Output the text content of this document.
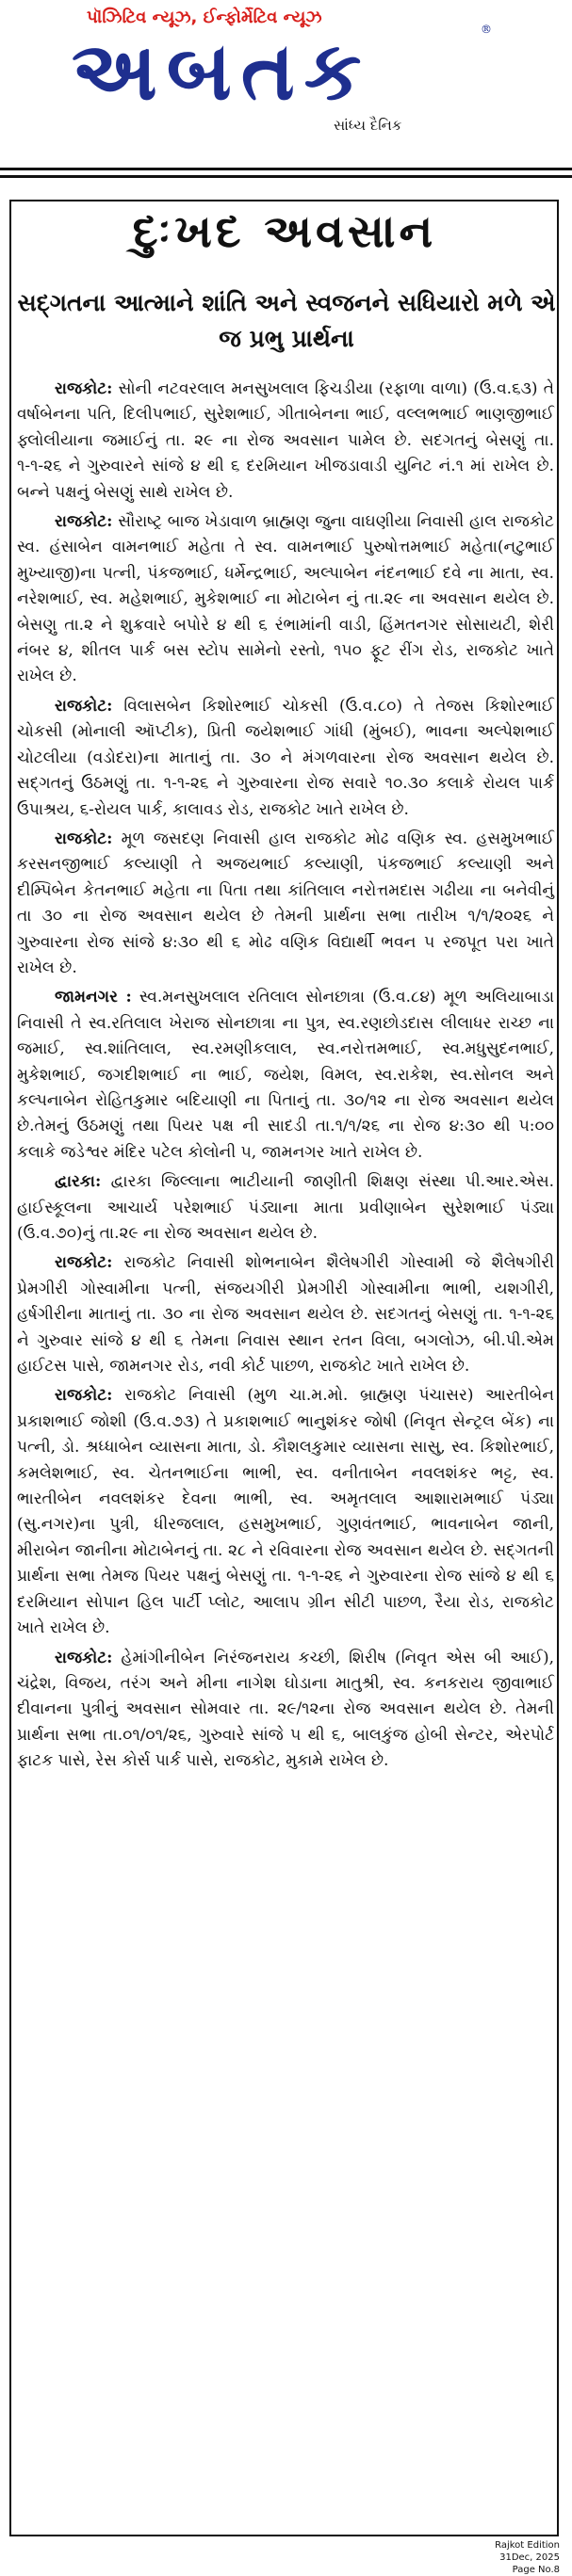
પૉઝિટિવ ન્યૂઝ, ઈન્ફોર્મેટિવ ન્યૂઝ
અબતક	®
સાંધ્ય દૈનિક
દુઃખદ અવસાન
સદ્‌ગતના આત્માને શાંતિ અને સ્વજનને સધિયારો મળે એ જ પ્રભુ પ્રાર્થના

રાજકોટ: સોની નટવરલાલ મનસુખલાલ ફિચડીયા (રફાળા વાળા) (ઉ.વ.૬૩) તે વર્ષાબેનના પતિ, દિલીપભાઈ, સુરેશભાઈ, ગીતાબેનના ભાઈ, વલ્લભભાઈ ભાણજીભાઈ ફ્લોલીયાના જમાઈનું તા. ૨૯ ના રોજ અવસાન પામેલ છે. સદગતનું બેસણું તા. ૧-૧-૨૬ ને ગુરુવારને સાંજે ૪ થી ૬ દરમિયાન ખીજડાવાડી યુનિટ નં.૧ માં રાખેલ છે. બન્ને પક્ષનું બેસણું સાથે રાખેલ છે.

રાજકોટ: સૌરાષ્ટ્ર બાજ ખેડાવાળ બ્રાહ્મણ જુના વાઘણીયા નિવાસી હાલ રાજકોટ સ્વ. હંસાબેન વામનભાઈ મહેતા તે સ્વ. વામનભાઈ પુરુષોત્તમભાઈ મહેતા(નટુભાઈ મુખ્યાજી)ના પત્ની, પંકજભાઈ, ધર્મેન્દ્રભાઈ, અલ્પાબેન નંદનભાઈ દવે ના માતા, સ્વ. નરેશભાઈ, સ્વ. મહેશભાઈ, મુકેશભાઈ ના મોટાબેન નું તા.૨૯ ના અવસાન થયેલ છે. બેસણુ તા.૨ ને શુક્રવારે બપોરે ૪ થી ૬ રંભામાંની વાડી, હિંમતનગર સોસાયટી, શેરી નંબર ૪, શીતલ પાર્ક બસ સ્ટોપ સામેનો રસ્તો, ૧૫૦ ફૂટ રીંગ રોડ, રાજકોટ ખાતે રાખેલ છે.

રાજકોટ: વિલાસબેન કિશોરભાઈ ચોકસી (ઉ.વ.૮૦) તે તેજસ કિશોરભાઈ ચોકસી (મોનાલી ઑપ્ટીક), પ્રિતી જયેશભાઈ ગાંધી (મુંબઈ), ભાવના અલ્પેશભાઈ ચોટલીયા (વડોદરા)ના માતાનું તા. ૩૦ ને મંગળવારના રોજ અવસાન થયેલ છે. સદ્‌ગતનું ઉઠમણું તા. ૧-૧-૨૬ ને ગુરુવારના રોજ સવારે ૧૦.૩૦ કલાકે રોયલ પાર્ક ઉપાશ્રય, ૬-રોયલ પાર્ક, કાલાવડ રોડ, રાજકોટ ખાતે રાખેલ છે.

રાજકોટ: મૂળ જસદણ નિવાસી હાલ રાજકોટ મોઢ વણિક સ્વ. હસમુખભાઈ કરસનજીભાઈ કલ્યાણી તે અજયભાઈ કલ્યાણી, પંકજભાઈ કલ્યાણી અને દીમ્પિબેન કેતનભાઈ મહેતા ના પિતા તથા કાંતિલાલ નરોત્તમદાસ ગઢીયા ના બનેવીનું તા ૩૦ ના રોજ અવસાન થયેલ છે તેમની પ્રાર્થના સભા તારીખ ૧/૧/૨૦૨૬ ને ગુરુવારના રોજ સાંજે ૪:૩૦ થી ૬ મોઢ વણિક વિદ્યાર્થી ભવન ૫ રજપૂત પરા ખાતે રાખેલ છે.

જામનગર : સ્વ.મનસુખલાલ રતિલાલ સોનછાત્રા (ઉ.વ.૮૪) મૂળ અલિયાબાડા નિવાસી તે સ્વ.રતિલાલ ખેરાજ સોનછાત્રા ના પુત્ર, સ્વ.રણછોડદાસ લીલાધર રાચ્છ ના જમાઈ, સ્વ.શાંતિલાલ, સ્વ.રમણીકલાલ, સ્વ.નરોત્તમભાઈ, સ્વ.મધુસુદનભાઈ, મુકેશભાઈ, જગદીશભાઈ ના ભાઈ, જયેશ, વિમલ, સ્વ.રાકેશ, સ્વ.સોનલ અને કલ્પનાબેન રોહિતકુમાર બદિયાણી ના પિતાનું તા. ૩૦/૧૨ ના રોજ અવસાન થયેલ છે.તેમનું ઉઠમણું તથા પિયર પક્ષ ની સાદડી તા.૧/૧/૨૬ ના રોજ ૪:૩૦ થી ૫:૦૦ કલાકે જડેશ્વર મંદિર પટેલ કોલોની ૫, જામનગર ખાતે રાખેલ છે.

દ્વારકા: દ્વારકા જિલ્લાના ભાટીયાની જાણીતી શિક્ષણ સંસ્થા પી.આર.એસ. હાઈસ્કૂલના આચાર્ય પરેશભાઈ પંડ્યાના માતા પ્રવીણાબેન સુરેશભાઈ પંડ્યા (ઉ.વ.૭૦)નું તા.૨૯ ના રોજ અવસાન થયેલ છે.

રાજકોટ: રાજકોટ નિવાસી શોભનાબેન શૈલેષગીરી ગોસ્વામી જે શૈલેષગીરી પ્રેમગીરી ગોસ્વામીના પત્ની, સંજયગીરી પ્રેમગીરી ગોસ્વામીના ભાભી, યશગીરી, હર્ષગીરીના માતાનું તા. ૩૦ ના રોજ અવસાન થયેલ છે. સદગતનું બેસણું તા. ૧-૧-૨૬ ને ગુરુવાર સાંજે ૪ થી ૬ તેમના નિવાસ સ્થાન રતન વિલા, બગલોઝ, બી.પી.એમ હાઈટસ પાસે, જામનગર રોડ, નવી કોર્ટ પાછળ, રાજકોટ ખાતે રાખેલ છે.

રાજકોટ: રાજકોટ નિવાસી (મુળ ચા.મ.મો. બ્રાહ્મણ પંચાસર) આરતીબેન પ્રકાશભાઈ જોશી (ઉ.વ.૭૩) તે પ્રકાશભાઈ ભાનુશંકર જોષી (નિવૃત સેન્ટ્રલ બેંક) ના પત્ની, ડો. શ્રધ્ધાબેન વ્યાસના માતા, ડો. કૌશલકુમાર વ્યાસના સાસુ, સ્વ. કિશોરભાઈ, કમલેશભાઈ, સ્વ. ચેતનભાઈના ભાભી, સ્વ. વનીતાબેન નવલશંકર ભટ્ટ, સ્વ. ભારતીબેન નવલશંકર દેવના ભાભી, સ્વ. અમૃતલાલ આશારામભાઈ પંડ્યા (સુ.નગર)ના પુત્રી, ધીરજલાલ, હસમુખભાઈ, ગુણવંતભાઈ, ભાવનાબેન જાની, મીરાબેન જાનીના મોટાબેનનું તા. ૨૮ ને રવિવારના રોજ અવસાન થયેલ છે. સદ્‌ગતની પ્રાર્થના સભા તેમજ પિયર પક્ષનું બેસણું તા. ૧-૧-૨૬ ને ગુરુવારના રોજ સાંજે ૪ થી ૬ દરમિયાન સોપાન હિલ પાર્ટી પ્લોટ, આલાપ ગ્રીન સીટી પાછળ, રૈયા રોડ, રાજકોટ ખાતે રાખેલ છે.

રાજકોટ: હેમાંગીનીબેન નિરંજનરાય કચ્છી, શિરીષ (નિવૃત એસ બી આઈ), ચંદ્રેશ, વિજય, તરંગ અને મીના નાગેશ ઘોડાના માતુશ્રી, સ્વ. કનકરાય જીવાભાઈ દીવાનના પુત્રીનું અવસાન સોમવાર તા. ૨૯/૧૨ના રોજ અવસાન થયેલ છે. તેમની પ્રાર્થના સભા તા.૦૧/૦૧/૨૬, ગુરુવારે સાંજે ૫ થી ૬, બાલકુંજ હોબી સેન્ટર, એરપોર્ટ ફાટક પાસે, રેસ કોર્સ પાર્ક પાસે, રાજકોટ, મુકામે રાખેલ છે.

Rajkot Edition
31Dec, 2025 Page No.8
